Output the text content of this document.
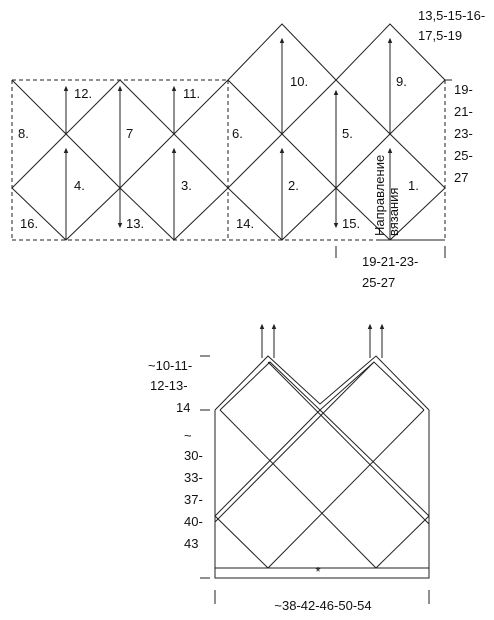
1.
2.
3.
4.
5.
6.
7
8.
9.
10.
11.
12.
13.	14.	15.
16.	Направление вязания
13,5-15-16-
17,5-19
19-
21-
23-
25-
27
19-21-23-
25-27
*
~10-11-
12-13-
14
~
30-
33-
37-
40-
43
~38-42-46-50-54
